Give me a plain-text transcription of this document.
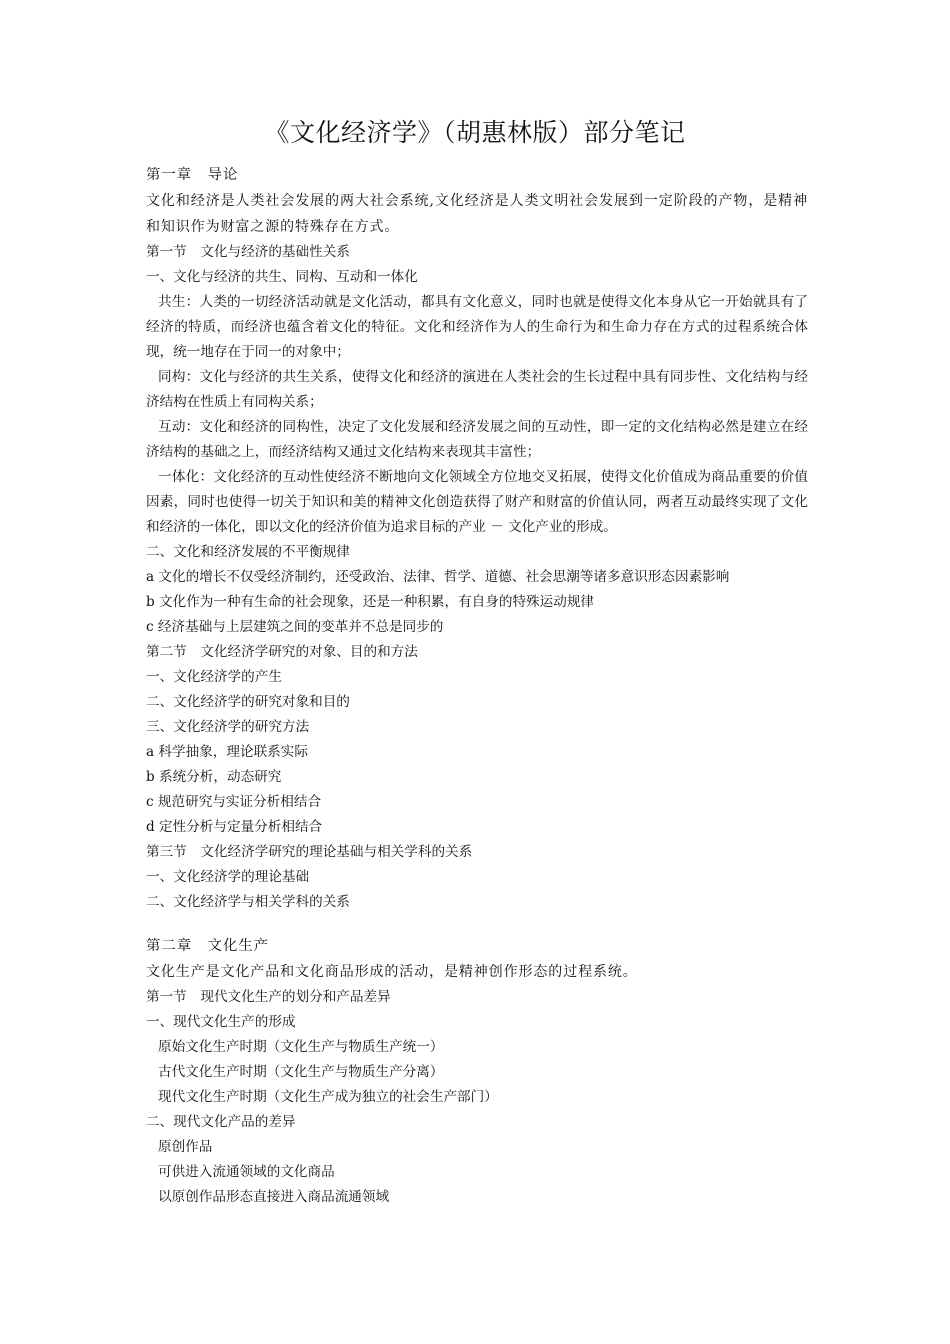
《文化经济学》（胡惠林版）部分笔记
第一章　导论
文化和经济是人类社会发展的两大社会系统,文化经济是人类文明社会发展到一定阶段的产物，是精神和知识作为财富之源的特殊存在方式。
第一节　文化与经济的基础性关系
一、文化与经济的共生、同构、互动和一体化
共生：人类的一切经济活动就是文化活动，都具有文化意义，同时也就是使得文化本身从它一开始就具有了经济的特质，而经济也蕴含着文化的特征。文化和经济作为人的生命行为和生命力存在方式的过程系统合体现，统一地存在于同一的对象中；
同构：文化与经济的共生关系，使得文化和经济的演进在人类社会的生长过程中具有同步性、文化结构与经济结构在性质上有同构关系；
互动：文化和经济的同构性，决定了文化发展和经济发展之间的互动性，即一定的文化结构必然是建立在经济结构的基础之上，而经济结构又通过文化结构来表现其丰富性；
一体化：文化经济的互动性使经济不断地向文化领域全方位地交叉拓展，使得文化价值成为商品重要的价值因素，同时也使得一切关于知识和美的精神文化创造获得了财产和财富的价值认同，两者互动最终实现了文化和经济的一体化，即以文化的经济价值为追求目标的产业 － 文化产业的形成。
二、文化和经济发展的不平衡规律
a 文化的增长不仅受经济制约，还受政治、法律、哲学、道德、社会思潮等诸多意识形态因素影响
b 文化作为一种有生命的社会现象，还是一种积累，有自身的特殊运动规律
c 经济基础与上层建筑之间的变革并不总是同步的
第二节　文化经济学研究的对象、目的和方法
一、文化经济学的产生
二、文化经济学的研究对象和目的
三、文化经济学的研究方法
a 科学抽象，理论联系实际
b 系统分析，动态研究
c 规范研究与实证分析相结合
d 定性分析与定量分析相结合
第三节　文化经济学研究的理论基础与相关学科的关系
一、文化经济学的理论基础
二、文化经济学与相关学科的关系
第二章　文化生产
文化生产是文化产品和文化商品形成的活动，是精神创作形态的过程系统。
第一节　现代文化生产的划分和产品差异
一、现代文化生产的形成
原始文化生产时期（文化生产与物质生产统一）
古代文化生产时期（文化生产与物质生产分离）
现代文化生产时期（文化生产成为独立的社会生产部门）
二、现代文化产品的差异
原创作品
可供进入流通领域的文化商品
以原创作品形态直接进入商品流通领域
